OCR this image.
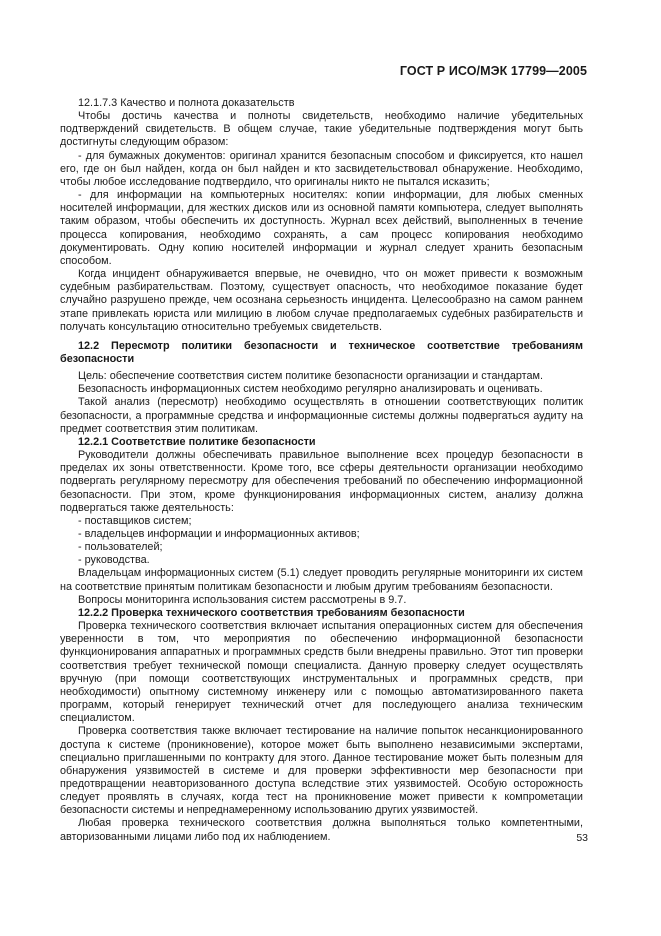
ГОСТ Р ИСО/МЭК 17799—2005

12.1.7.3 Качество и полнота доказательств

Чтобы достичь качества и полноты свидетельств, необходимо наличие убедительных подтверждений свидетельств. В общем случае, такие убедительные подтверждения могут быть достигнуты следующим образом:

- для бумажных документов: оригинал хранится безопасным способом и фиксируется, кто нашел его, где он был найден, когда он был найден и кто засвидетельствовал обнаружение. Необходимо, чтобы любое исследование подтвердило, что оригиналы никто не пытался исказить;

- для информации на компьютерных носителях: копии информации, для любых сменных носителей информации, для жестких дисков или из основной памяти компьютера, следует выполнять таким образом, чтобы обеспечить их доступность. Журнал всех действий, выполненных в течение процесса копирования, необходимо сохранять, а сам процесс копирования необходимо документировать. Одну копию носителей информации и журнал следует хранить безопасным способом.

Когда инцидент обнаруживается впервые, не очевидно, что он может привести к возможным судебным разбирательствам. Поэтому, существует опасность, что необходимое показание будет случайно разрушено прежде, чем осознана серьезность инцидента. Целесообразно на самом раннем этапе привлекать юриста или милицию в любом случае предполагаемых судебных разбирательств и получать консультацию относительно требуемых свидетельств.

12.2 Пересмотр политики безопасности и техническое соответствие требованиям безопасности

Цель: обеспечение соответствия систем политике безопасности организации и стандартам.

Безопасность информационных систем необходимо регулярно анализировать и оценивать.

Такой анализ (пересмотр) необходимо осуществлять в отношении соответствующих политик безопасности, а программные средства и информационные системы должны подвергаться аудиту на предмет соответствия этим политикам.

12.2.1 Соответствие политике безопасности

Руководители должны обеспечивать правильное выполнение всех процедур безопасности в пределах их зоны ответственности. Кроме того, все сферы деятельности организации необходимо подвергать регулярному пересмотру для обеспечения требований по обеспечению информационной безопасности. При этом, кроме функционирования информационных систем, анализу должна подвергаться также деятельность:

- поставщиков систем;

- владельцев информации и информационных активов;

- пользователей;

- руководства.

Владельцам информационных систем (5.1) следует проводить регулярные мониторинги их систем на соответствие принятым политикам безопасности и любым другим требованиям безопасности.

Вопросы мониторинга использования систем рассмотрены в 9.7.

12.2.2 Проверка технического соответствия требованиям безопасности

Проверка технического соответствия включает испытания операционных систем для обеспечения уверенности в том, что мероприятия по обеспечению информационной безопасности функционирования аппаратных и программных средств были внедрены правильно. Этот тип проверки соответствия требует технической помощи специалиста. Данную проверку следует осуществлять вручную (при помощи соответствующих инструментальных и программных средств, при необходимости) опытному системному инженеру или с помощью автоматизированного пакета программ, который генерирует технический отчет для последующего анализа техническим специалистом.

Проверка соответствия также включает тестирование на наличие попыток несанкционированного доступа к системе (проникновение), которое может быть выполнено независимыми экспертами, специально приглашенными по контракту для этого. Данное тестирование может быть полезным для обнаружения уязвимостей в системе и для проверки эффективности мер безопасности при предотвращении неавторизованного доступа вследствие этих уязвимостей. Особую осторожность следует проявлять в случаях, когда тест на проникновение может привести к компрометации безопасности системы и непреднамеренному использованию других уязвимостей.

Любая проверка технического соответствия должна выполняться только компетентными, авторизованными лицами либо под их наблюдением.	53
